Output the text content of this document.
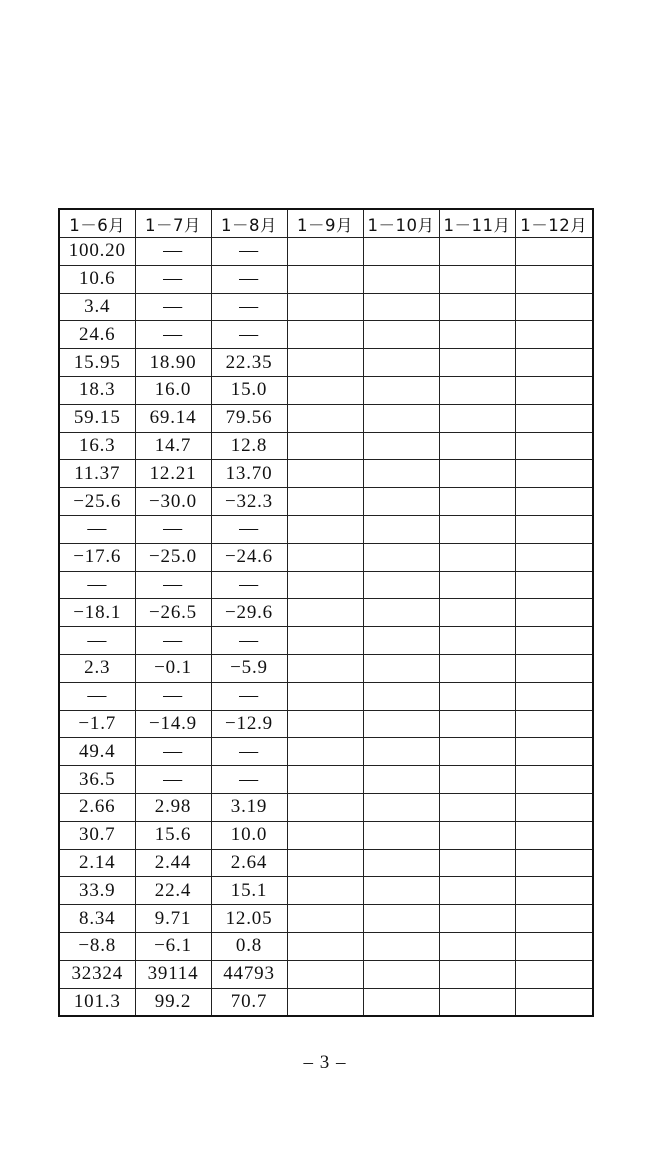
1－6月	1－7月	1－8月	1－9月	1－10月	1－11月	1－12月
100.20	—	—				
10.6	—	—				
3.4	—	—				
24.6	—	—				
15.95	18.90	22.35				
18.3	16.0	15.0				
59.15	69.14	79.56				
16.3	14.7	12.8				
11.37	12.21	13.70				
−25.6	−30.0	−32.3				
—	—	—				
−17.6	−25.0	−24.6				
—	—	—				
−18.1	−26.5	−29.6				
—	—	—				
2.3	−0.1	−5.9				
—	—	—				
−1.7	−14.9	−12.9				
49.4	—	—				
36.5	—	—				
2.66	2.98	3.19				
30.7	15.6	10.0				
2.14	2.44	2.64				
33.9	22.4	15.1				
8.34	9.71	12.05				
−8.8	−6.1	0.8				
32324	39114	44793				
101.3	99.2	70.7				
– 3 –
